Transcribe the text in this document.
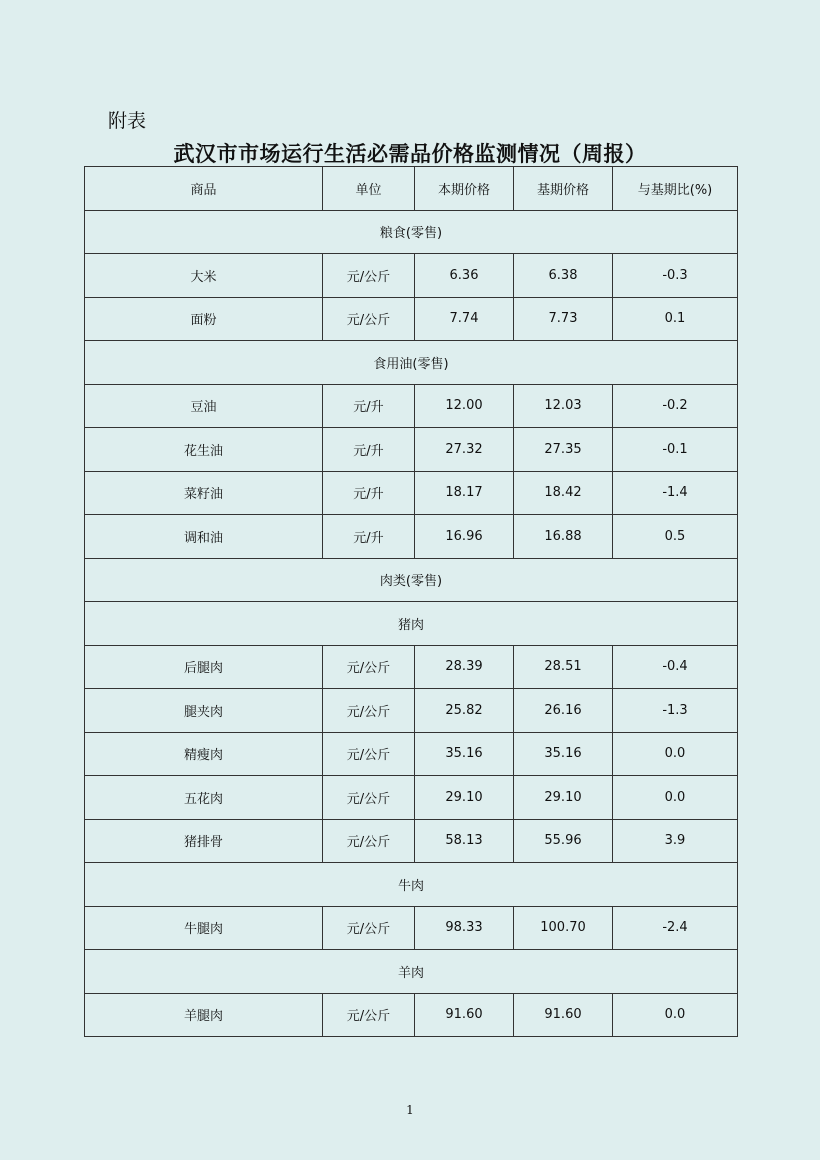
附表
武汉市市场运行生活必需品价格监测情况（周报）
商品	单位	本期价格	基期价格	与基期比(%)
粮食(零售)				
大米	元/公斤	6.36	6.38	-0.3
面粉	元/公斤	7.74	7.73	0.1
食用油(零售)				
豆油	元/升	12.00	12.03	-0.2
花生油	元/升	27.32	27.35	-0.1
菜籽油	元/升	18.17	18.42	-1.4
调和油	元/升	16.96	16.88	0.5
肉类(零售)				
猪肉				
后腿肉	元/公斤	28.39	28.51	-0.4
腿夹肉	元/公斤	25.82	26.16	-1.3
精瘦肉	元/公斤	35.16	35.16	0.0
五花肉	元/公斤	29.10	29.10	0.0
猪排骨	元/公斤	58.13	55.96	3.9
牛肉				
牛腿肉	元/公斤	98.33	100.70	-2.4
羊肉				
羊腿肉	元/公斤	91.60	91.60	0.0
1
